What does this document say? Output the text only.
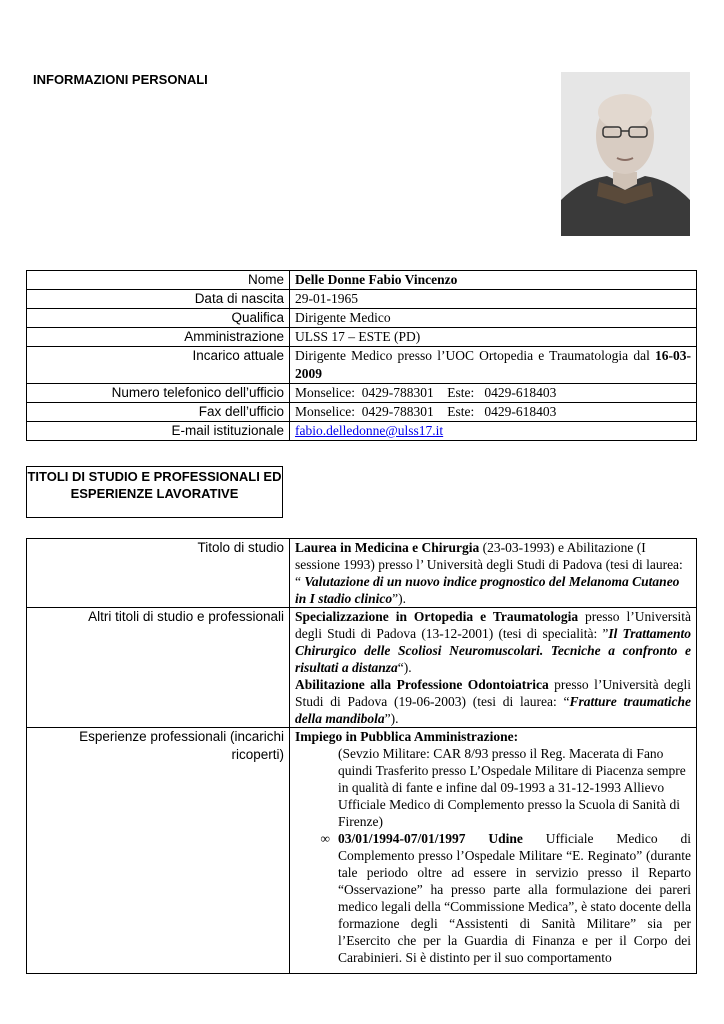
INFORMAZIONI PERSONALI
Nome	Delle Donne Fabio Vincenzo
Data di nascita	29-01-1965
Qualifica	Dirigente Medico
Amministrazione	ULSS 17 – ESTE (PD)
Incarico attuale	Dirigente Medico presso l’UOC Ortopedia e Traumatologia dal 16-03-2009
Numero telefonico dell’ufficio	Monselice:  0429-788301    Este:   0429-618403
Fax dell’ufficio	Monselice:  0429-788301    Este:   0429-618403
E-mail istituzionale	fabio.delledonne@ulss17.it
TITOLI DI STUDIO E PROFESSIONALI ED ESPERIENZE LAVORATIVE
Titolo di studio	Laurea in Medicina e Chirurgia (23-03-1993) e Abilitazione (I sessione 1993) presso l’ Università degli Studi di Padova (tesi di laurea: “ Valutazione di un nuovo indice prognostico del Melanoma Cutaneo in I stadio clinico”).
Altri titoli di studio e professionali	Specializzazione in Ortopedia e Traumatologia presso l’Università degli Studi di Padova (13-12-2001) (tesi di specialità: ”Il Trattamento Chirurgico delle Scoliosi Neuromuscolari. Tecniche a confronto e risultati a distanza“).
Abilitazione alla Professione Odontoiatrica presso l’Università degli Studi di Padova (19-06-2003) (tesi di laurea: “Fratture traumatiche della mandibola”).

Esperienze professionali (incarichi ricoperti)	Impiego in Pubblica Amministrazione:
(Sevzio Militare: CAR 8/93 presso il Reg. Macerata di Fano quindi Trasferito presso L’Ospedale Militare di Piacenza sempre in qualità di fante e infine dal 09-1993 a 31-12-1993 Allievo Ufficiale Medico di Complemento presso la Scuola di Sanità di Firenze)
∞ 03/01/1994-07/01/1997 Udine Ufficiale Medico di Complemento presso l’Ospedale Militare “E. Reginato” (durante tale periodo oltre ad essere in servizio presso il Reparto “Osservazione” ha presso parte alla formulazione dei pareri medico legali della “Commissione Medica”, è stato docente della formazione degli “Assistenti di Sanità Militare” sia per l’Esercito che per la Guardia di Finanza e per il Corpo dei Carabinieri. Si è distinto per il suo comportamento
